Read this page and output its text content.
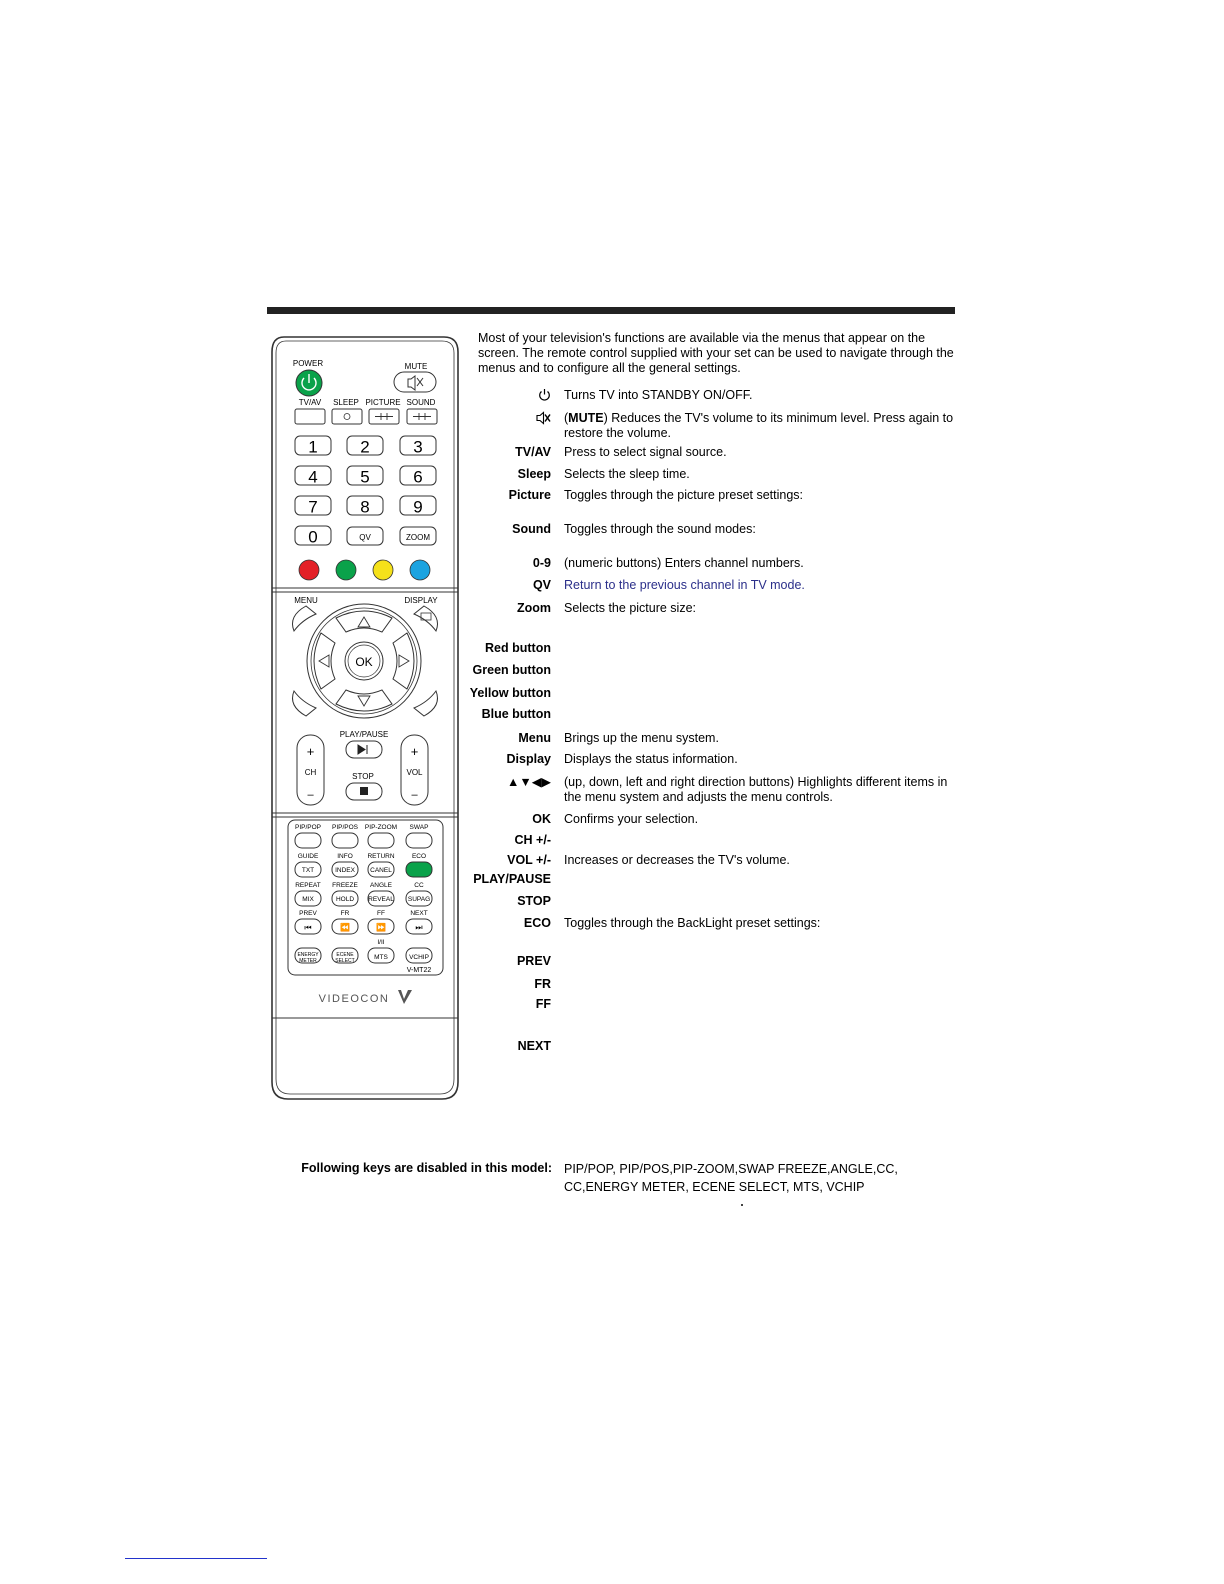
POWER	MUTE
TV/AV SLEEP PICTURE SOUND
1	2	3
4	5	6
7	8	9
0	QV	ZOOM
MENU	DISPLAY
OK
+
CH
–
+
VOL
–
PLAY/PAUSE
STOP
PIP/POP PIP/POS PIP-ZOOM SWAP
GUIDE	INFO RETURN	ECO
TXT	INDEX CANEL
REPEAT FREEZE ANGLE	CC
MIX	HOLD REVEAL SUPAG
PREV	FR	FF	NEXT
⏮	⏪	⏩	⏭
I/II
ENERGY
METER
ECENE
SELECT	MTS	VCHIP
V-MT22
VIDEOCON
Most of your television's functions are available via the menus that appear on the screen. The remote control supplied with your set can be used to navigate through the menus and to configure all the general settings.
Turns TV into STANDBY ON/OFF.
(MUTE) Reduces the TV's volume to its minimum level. Press again to restore the volume.
TV/AV Press to select signal source.
Sleep Selects the sleep time.
Picture Toggles through the picture preset settings:
Sound Toggles through the sound modes:
0-9 (numeric buttons) Enters channel numbers.
QV Return to the previous channel in TV mode.
Zoom Selects the picture size:
Red button
Green button
Yellow button
Blue button
Menu Brings up the menu system.
Display Displays the status information.
▲▼◀▶ (up, down, left and right direction buttons) Highlights different items in the menu system and adjusts the menu controls.
OK Confirms your selection.
CH +/-
VOL +/- Increases or decreases the TV's volume.
PLAY/PAUSE
STOP
ECO Toggles through the BackLight preset settings:
PREV
FR
FF
NEXT
Following keys are disabled in this model: PIP/POP, PIP/POS,PIP-ZOOM,SWAP FREEZE,ANGLE,CC,
CC,ENERGY METER, ECENE SELECT, MTS, VCHIP
